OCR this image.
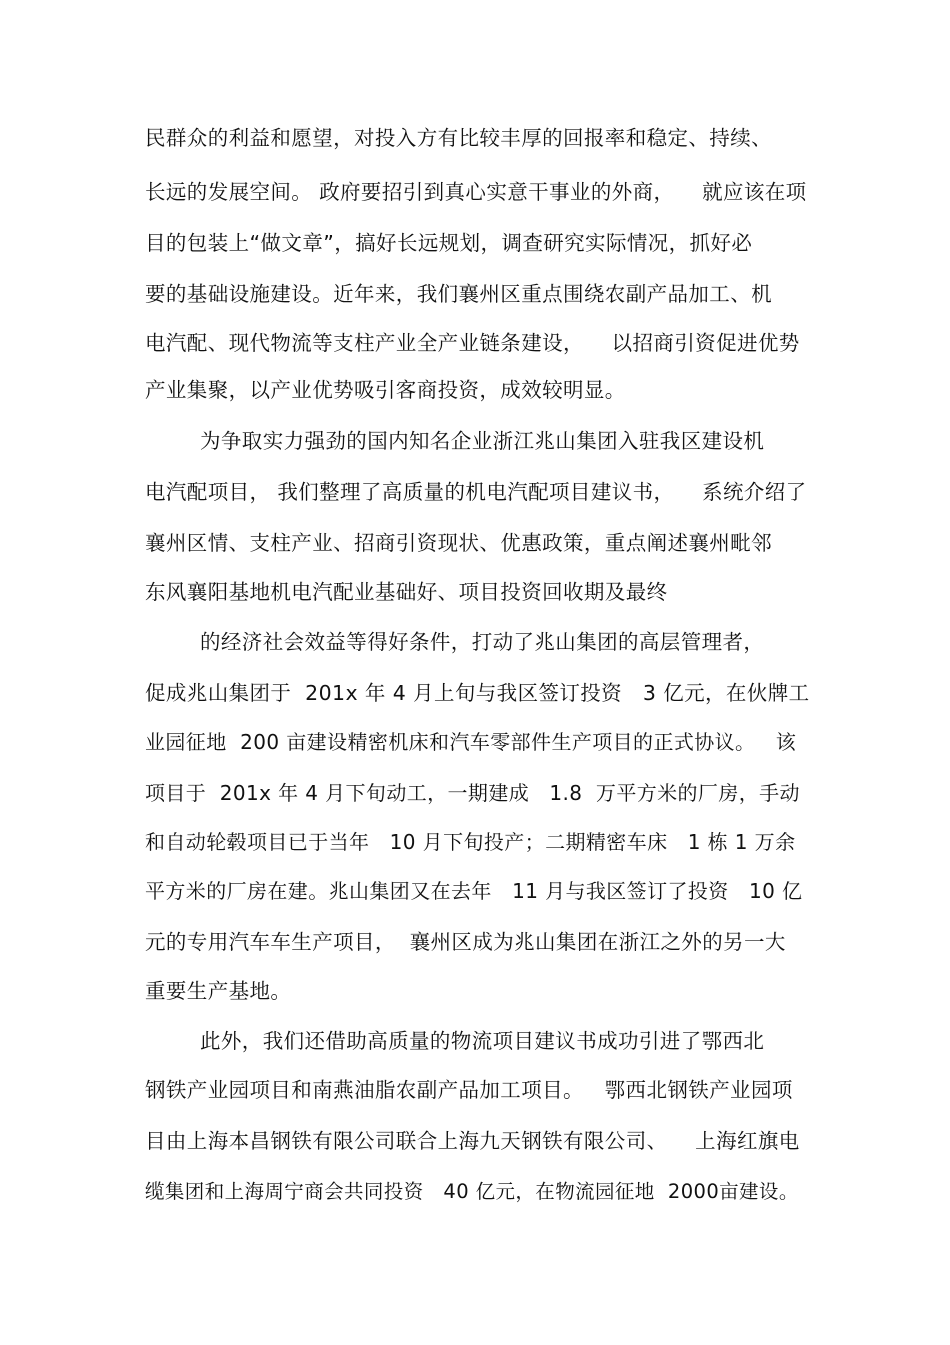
民群众的利益和愿望，对投入方有比较丰厚的回报率和稳定、持续、
长远的发展空间。 政府要招引到真心实意干事业的外商，    就应该在项
目的包装上“做文章”，搞好长远规划，调查研究实际情况，抓好必
要的基础设施建设。近年来，我们襄州区重点围绕农副产品加工、机
电汽配、现代物流等支柱产业全产业链条建设，    以招商引资促进优势
产业集聚，以产业优势吸引客商投资，成效较明显。
为争取实力强劲的国内知名企业浙江兆山集团入驻我区建设机
电汽配项目， 我们整理了高质量的机电汽配项目建议书，    系统介绍了
襄州区情、支柱产业、招商引资现状、优惠政策，重点阐述襄州毗邻
东风襄阳基地机电汽配业基础好、项目投资回收期及最终
的经济社会效益等得好条件，打动了兆山集团的高层管理者，
促成兆山集团于  201x 年 4 月上旬与我区签订投资   3 亿元，在伙牌工
业园征地  200 亩建设精密机床和汽车零部件生产项目的正式协议。   该
项目于  201x 年 4 月下旬动工，一期建成   1.8  万平方米的厂房，手动
和自动轮毂项目已于当年   10 月下旬投产；二期精密车床   1 栋 1 万余
平方米的厂房在建。兆山集团又在去年   11 月与我区签订了投资   10 亿
元的专用汽车车生产项目，  襄州区成为兆山集团在浙江之外的另一大
重要生产基地。
此外，我们还借助高质量的物流项目建议书成功引进了鄂西北
钢铁产业园项目和南燕油脂农副产品加工项目。   鄂西北钢铁产业园项
目由上海本昌钢铁有限公司联合上海九天钢铁有限公司、    上海红旗电
缆集团和上海周宁商会共同投资   40 亿元，在物流园征地  2000亩建设。
